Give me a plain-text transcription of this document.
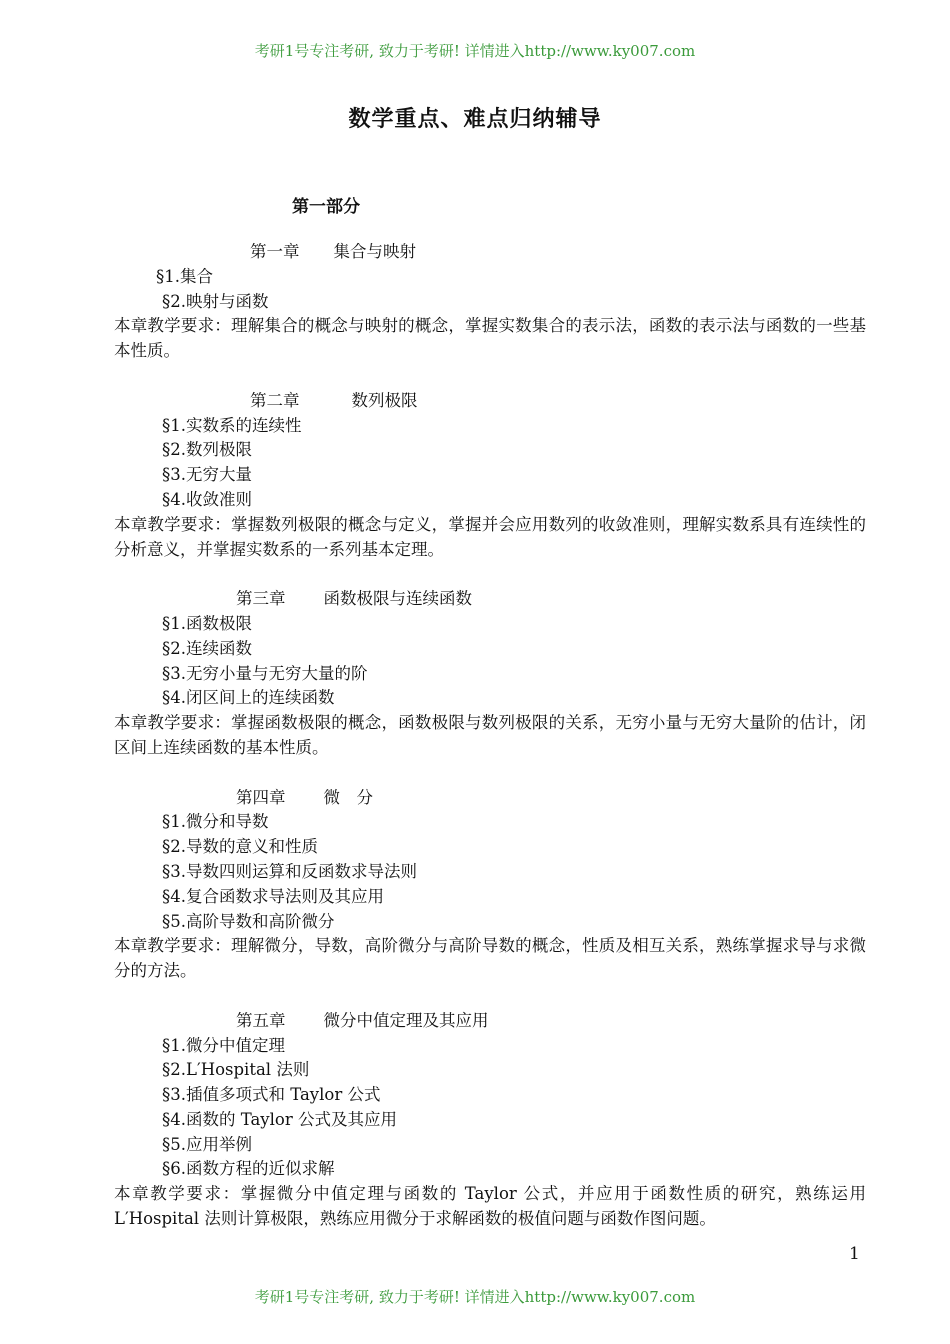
考研1号专注考研, 致力于考研! 详情进入http://www.ky007.com
数学重点、难点归纳辅导
第一部分
第一章 集合与映射
§1.集合
§2.映射与函数
本章教学要求：理解集合的概念与映射的概念，掌握实数集合的表示法，函数的表示法与函数的一些基本性质。
第二章	数列极限
§1.实数系的连续性
§2.数列极限
§3.无穷大量
§4.收敛准则
本章教学要求：掌握数列极限的概念与定义，掌握并会应用数列的收敛准则，理解实数系具有连续性的分析意义，并掌握实数系的一系列基本定理。
第三章 函数极限与连续函数
§1.函数极限
§2.连续函数
§3.无穷小量与无穷大量的阶
§4.闭区间上的连续函数
本章教学要求：掌握函数极限的概念，函数极限与数列极限的关系，无穷小量与无穷大量阶的估计，闭区间上连续函数的基本性质。
第四章 微　分
§1.微分和导数
§2.导数的意义和性质
§3.导数四则运算和反函数求导法则
§4.复合函数求导法则及其应用
§5.高阶导数和高阶微分
本章教学要求：理解微分，导数，高阶微分与高阶导数的概念，性质及相互关系，熟练掌握求导与求微分的方法。
第五章 微分中值定理及其应用
§1.微分中值定理
§2.L′Hospital 法则
§3.插值多项式和 Taylor 公式
§4.函数的 Taylor 公式及其应用
§5.应用举例
§6.函数方程的近似求解
本章教学要求：掌握微分中值定理与函数的 Taylor 公式，并应用于函数性质的研究，熟练运用 L′Hospital 法则计算极限，熟练应用微分于求解函数的极值问题与函数作图问题。
1
考研1号专注考研, 致力于考研! 详情进入http://www.ky007.com
